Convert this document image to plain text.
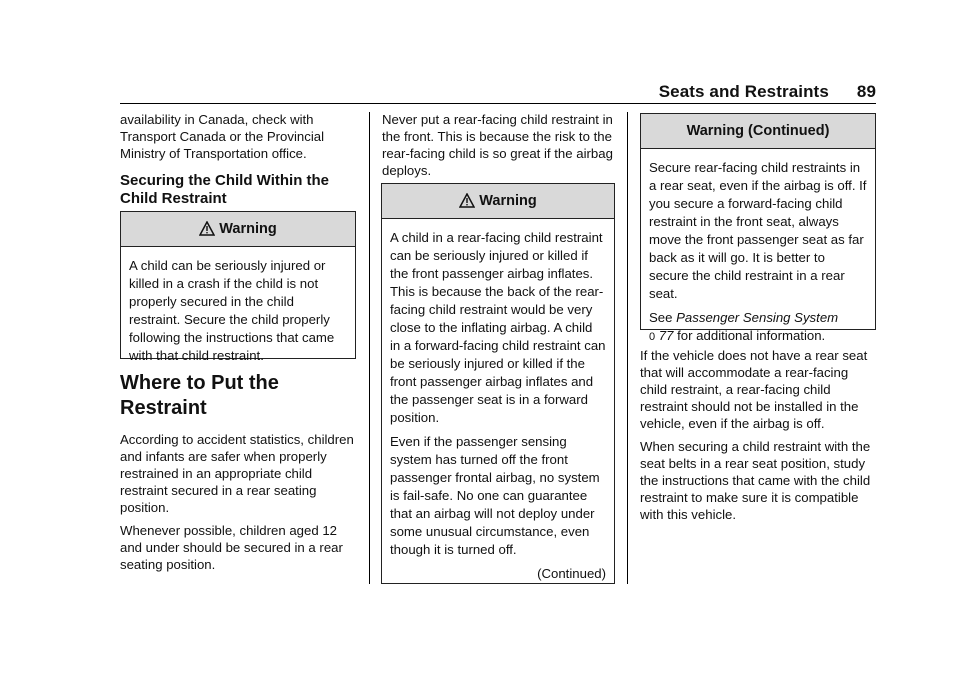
Seats and Restraints 89

availability in Canada, check with Transport Canada or the Provincial Ministry of Transportation office.

Securing the Child Within the Child Restraint
Warning

A child can be seriously injured or killed in a crash if the child is not properly secured in the child restraint. Secure the child properly following the instructions that came with that child restraint.

Where to Put the Restraint

According to accident statistics, children and infants are safer when properly restrained in an appropriate child restraint secured in a rear seating position.

Whenever possible, children aged 12 and under should be secured in a rear seating position.

Never put a rear-facing child restraint in the front. This is because the risk to the rear-facing child is so great if the airbag deploys.

Warning

A child in a rear-facing child restraint can be seriously injured or killed if the front passenger airbag inflates. This is because the back of the rear-facing child restraint would be very close to the inflating airbag. A child in a forward-facing child restraint can be seriously injured or killed if the front passenger airbag inflates and the passenger seat is in a forward position.

Even if the passenger sensing system has turned off the front passenger frontal airbag, no system is fail-safe. No one can guarantee that an airbag will not deploy under some unusual circumstance, even though it is turned off.

(Continued)
Warning (Continued)

Secure rear-facing child restraints in a rear seat, even if the airbag is off. If you secure a forward-facing child restraint in the front seat, always move the front passenger seat as far back as it will go. It is better to secure the child restraint in a rear seat.

See Passenger Sensing System
0 77 for additional information.

If the vehicle does not have a rear seat that will accommodate a rear-facing child restraint, a rear-facing child restraint should not be installed in the vehicle, even if the airbag is off.

When securing a child restraint with the seat belts in a rear seat position, study the instructions that came with the child restraint to make sure it is compatible with this vehicle.
